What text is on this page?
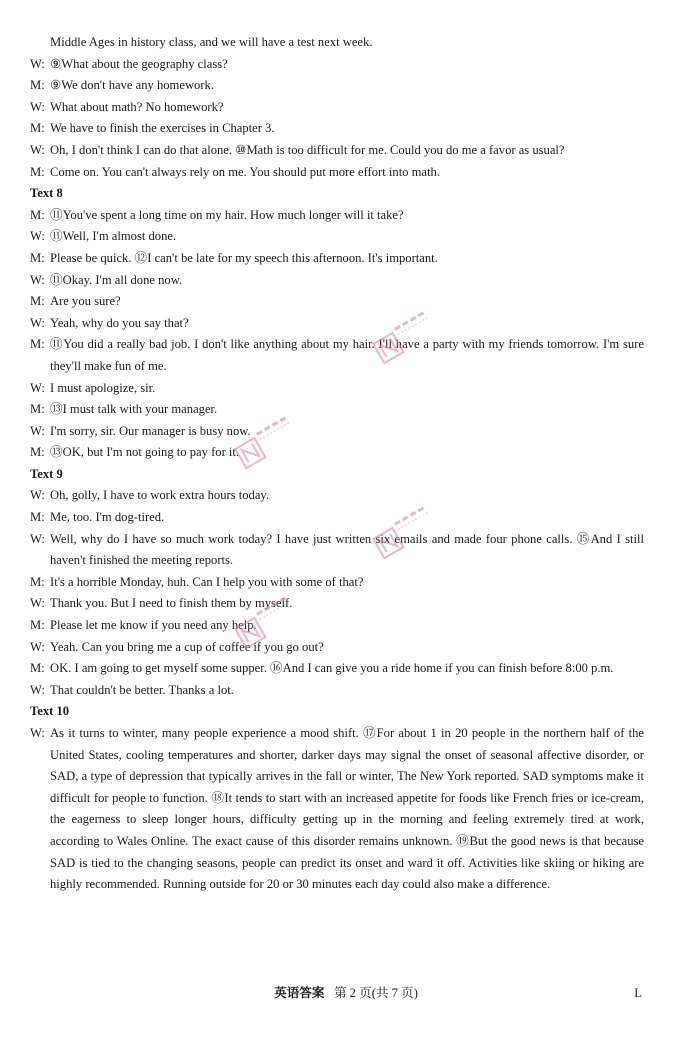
Middle Ages in history class, and we will have a test next week.
W: ⑨What about the geography class?
M: ⑨We don't have any homework.
W: What about math? No homework?
M: We have to finish the exercises in Chapter 3.
W: Oh, I don't think I can do that alone. ⑩Math is too difficult for me. Could you do me a favor as usual?
M: Come on. You can't always rely on me. You should put more effort into math.
Text 8
M: ⑪You've spent a long time on my hair. How much longer will it take?
W: ⑪Well, I'm almost done.
M: Please be quick. ⑫I can't be late for my speech this afternoon. It's important.
W: ⑪Okay. I'm all done now.
M: Are you sure?
W: Yeah, why do you say that?
M: ⑪You did a really bad job. I don't like anything about my hair. I'll have a party with my friends tomorrow. I'm sure they'll make fun of me.
W: I must apologize, sir.
M: ⑬I must talk with your manager.
W: I'm sorry, sir. Our manager is busy now.
M: ⑬OK, but I'm not going to pay for it.
Text 9
W: Oh, golly, I have to work extra hours today.
M: Me, too. I'm dog-tired.
W: Well, why do I have so much work today? I have just written six emails and made four phone calls. ⑮And I still haven't finished the meeting reports.
M: It's a horrible Monday, huh. Can I help you with some of that?
W: Thank you. But I need to finish them by myself.
M: Please let me know if you need any help.
W: Yeah. Can you bring me a cup of coffee if you go out?
M: OK. I am going to get myself some supper. ⑯And I can give you a ride home if you can finish before 8:00 p.m.
W: That couldn't be better. Thanks a lot.
Text 10
W: As it turns to winter, many people experience a mood shift. ⑰For about 1 in 20 people in the northern half of the United States, cooling temperatures and shorter, darker days may signal the onset of seasonal affective disorder, or SAD, a type of depression that typically arrives in the fall or winter, The New York reported. SAD symptoms make it difficult for people to function. ⑱It tends to start with an increased appetite for foods like French fries or ice-cream, the eagerness to sleep longer hours, difficulty getting up in the morning and feeling extremely tired at work, according to Wales Online. The exact cause of this disorder remains unknown. ⑲But the good news is that because SAD is tied to the changing seasons, people can predict its onset and ward it off. Activities like skiing or hiking are highly recommended. Running outside for 20 or 30 minutes each day could also make a difference.
英语答案 第 2 页(共 7 页)	L
